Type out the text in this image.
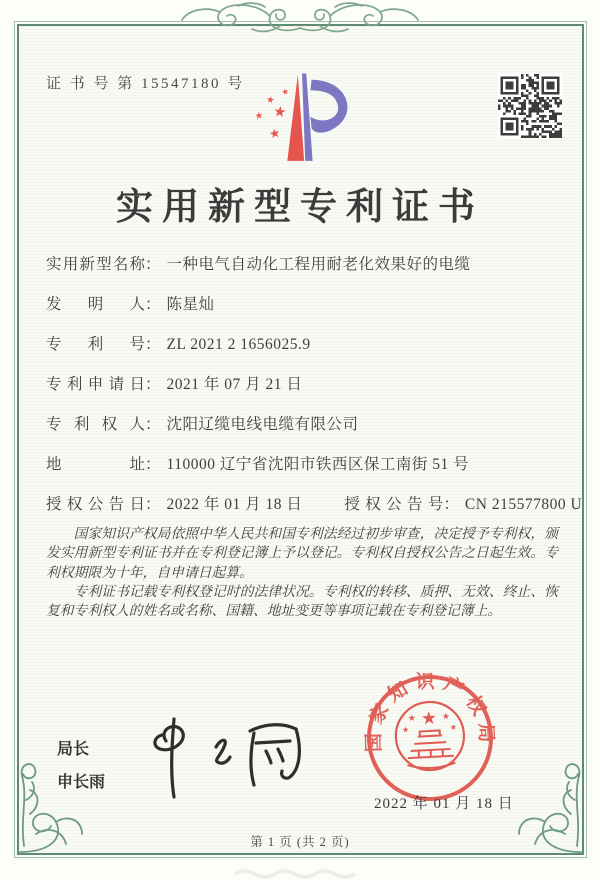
证 书 号 第 15547180 号	★
★
★ ★
★
实用新型专利证书
实用新型名称： 一种电气自动化工程用耐老化效果好的电缆
发明人： 陈星灿
专利号： ZL 2021 2 1656025.9
专利申请日： 2021 年 07 月 21 日
专利权人： 沈阳辽缆电线电缆有限公司
地址： 110000 辽宁省沈阳市铁西区保工南街 51 号
授权公告日： 2022 年 01 月 18 日	授权公告号： CN 215577800 U

国家知识产权局依照中华人民共和国专利法经过初步审查，决定授予专利权，颁发实用新型专利证书并在专利登记簿上予以登记。专利权自授权公告之日起生效。专利权期限为十年，自申请日起算。

专利证书记载专利权登记时的法律状况。专利权的转移、质押、无效、终止、恢复和专利权人的姓名或名称、国籍、地址变更等事项记载在专利登记簿上。

局长
申长雨
国家知识产权局
★
★	★
★	★
2022 年 01 月 18 日
第 1 页 (共 2 页)
